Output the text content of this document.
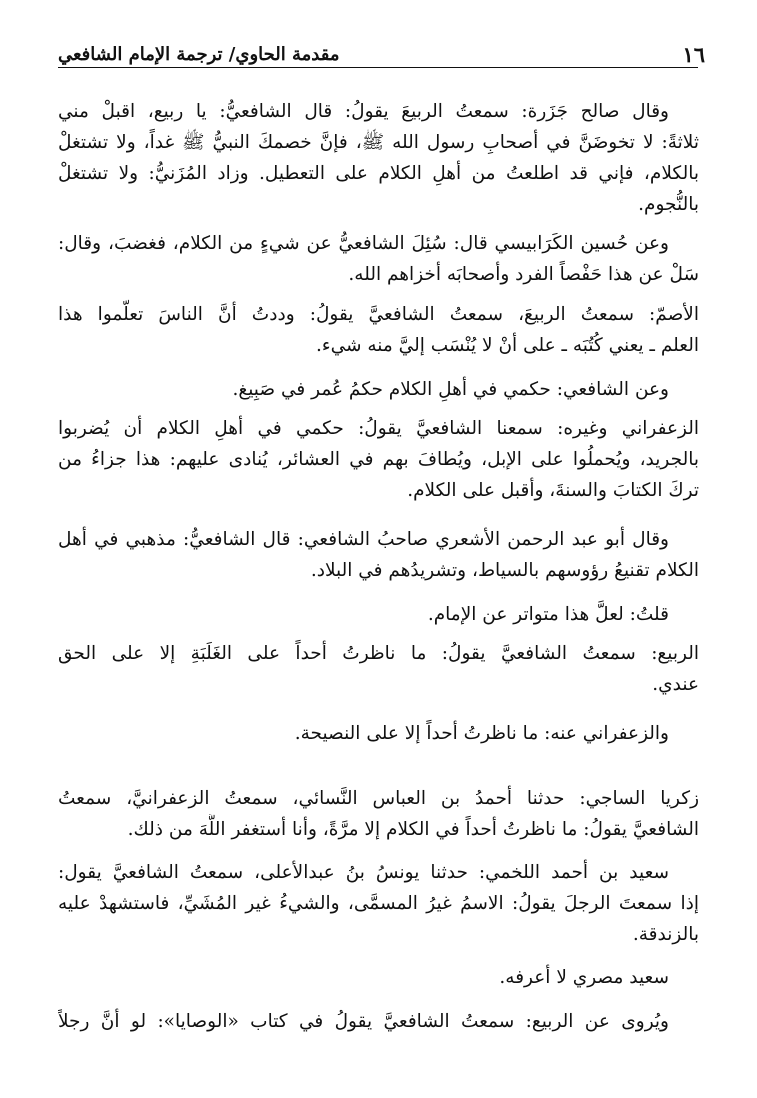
١٦
مقدمة الحاوي/ ترجمة الإمام الشافعي
وقال صالح جَزَرة: سمعتُ الربيعَ يقولُ: قال الشافعيُّ: يا ربيع، اقبلْ مني
ثلاثةً: لا تخوضَنَّ في أصحابِ رسول الله ﷺ، فإنَّ خصمكَ النبيُّ ﷺ غداً، ولا تشتغلْ
بالكلام، فإني قد اطلعتُ من أهلِ الكلام على التعطيل. وزاد المُزَنيُّ: ولا تشتغلْ
بالنُّجوم.
وعن حُسين الكَرَابيسي قال: سُئِلَ الشافعيُّ عن شيءٍ من الكلام، فغضبَ، وقال:
سَلْ عن هذا حَفْصاً الفرد وأصحابَه أخزاهم الله.
الأصمّ: سمعتُ الربيعَ، سمعتُ الشافعيَّ يقولُ: وددتُ أنَّ الناسَ تعلّموا هذا
العلم ـ يعني كُتُبَه ـ على أنْ لا يُنْسَب إليَّ منه شيء.
وعن الشافعي: حكمي في أهلِ الكلام حكمُ عُمر في صَبِيغ.
الزعفراني وغيره: سمعنا الشافعيَّ يقولُ: حكمي في أهلِ الكلام أن يُضربوا
بالجريد، ويُحملُوا على الإبل، ويُطافَ بهم في العشائر، يُنادى عليهم: هذا جزاءُ من
تركَ الكتابَ والسنةَ، وأقبل على الكلام.
وقال أبو عبد الرحمن الأشعري صاحبُ الشافعي: قال الشافعيُّ: مذهبي في أهل
الكلام تقنيعُ رؤوسهم بالسياط، وتشريدُهم في البلاد.
قلتُ: لعلَّ هذا متواتر عن الإمام.
الربيع: سمعتُ الشافعيَّ يقولُ: ما ناظرتُ أحداً على الغَلَبَةِ إلا على الحق
عندي.
والزعفراني عنه: ما ناظرتُ أحداً إلا على النصيحة.
زكريا الساجي: حدثنا أحمدُ بن العباس النَّسائي، سمعتُ الزعفرانيَّ، سمعتُ
الشافعيَّ يقولُ: ما ناظرتُ أحداً في الكلام إلا مرَّةً، وأنا أستغفر اللَّهَ من ذلك.
سعيد بن أحمد اللخمي: حدثنا يونسُ بنُ عبدالأعلى، سمعتُ الشافعيَّ يقول:
إذا سمعتَ الرجلَ يقولُ: الاسمُ غيرُ المسمَّى، والشيءُ غير المُشَيِّ، فاستشهدْ عليه
بالزندقة.
سعيد مصري لا أعرفه.
ويُروى عن الربيع: سمعتُ الشافعيَّ يقولُ في كتاب «الوصايا»: لو أنَّ رجلاً
